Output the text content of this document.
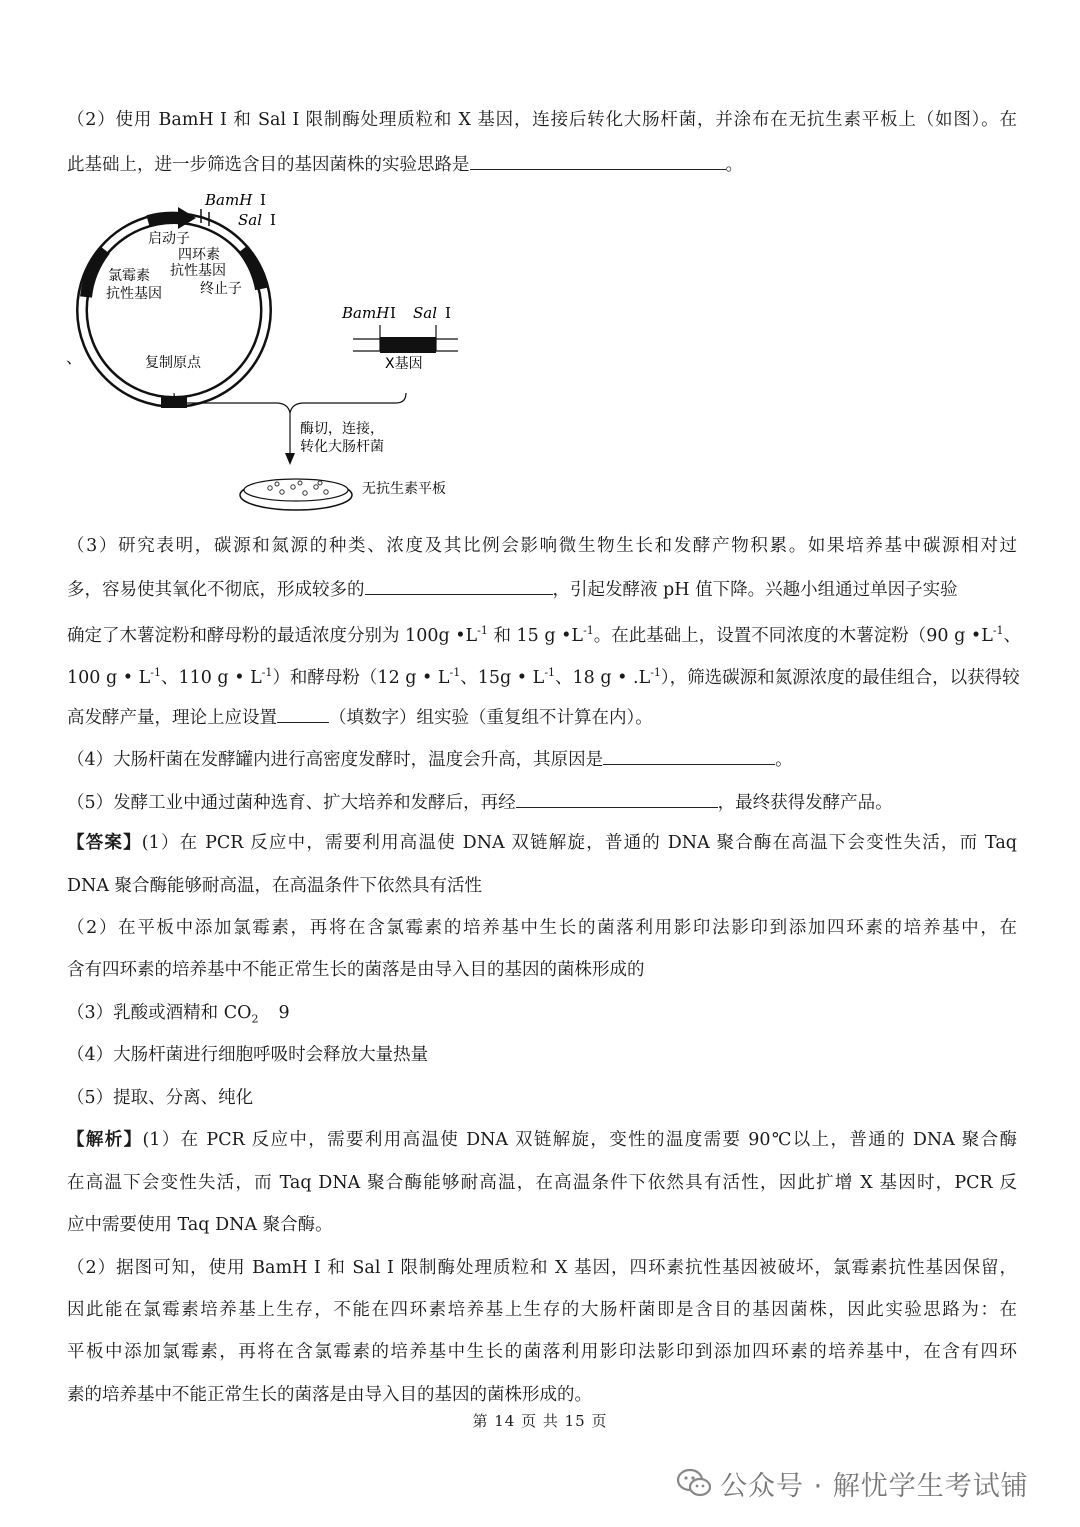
（2）使用 BamH I 和 Sal I 限制酶处理质粒和 X 基因，连接后转化大肠杆菌，并涂布在无抗生素平板上（如图）。在
此基础上，进一步筛选含目的基因菌株的实验思路是	。
BamH Ⅰ
Sal Ⅰ
启动子
四环素
抗性基因
终止子
氯霉素
抗性基因
复制原点
、
BamH Ⅰ Sal Ⅰ
X基因
酶切，连接，
转化大肠杆菌
无抗生素平板
（3）研究表明，碳源和氮源的种类、浓度及其比例会影响微生物生长和发酵产物积累。如果培养基中碳源相对过
多，容易使其氧化不彻底，形成较多的	，引起发酵液 pH 值下降。兴趣小组通过单因子实验
确定了木薯淀粉和酵母粉的最适浓度分别为 100g $•L^{-1}$ 和 15 g $•L^{-1}$。在此基础上，设置不同浓度的木薯淀粉（90 g $•L^{-1}$、
100 g • $L^{-1}$、110 g • $L^{-1}$）和酵母粉（12 g • $L^{-1}$、15g • $L^{-1}$、18 g • $.L^{-1}$），筛选碳源和氮源浓度的最佳组合，以获得较
高发酵产量，理论上应设置	（填数字）组实验（重复组不计算在内）。
（4）大肠杆菌在发酵罐内进行高密度发酵时，温度会升高，其原因是	。
（5）发酵工业中通过菌种选育、扩大培养和发酵后，再经	，最终获得发酵产品。
【答案】(1）在 PCR 反应中，需要利用高温使 DNA 双链解旋，普通的 DNA 聚合酶在高温下会变性失活，而 Taq
DNA 聚合酶能够耐高温，在高温条件下依然具有活性
（2）在平板中添加氯霉素，再将在含氯霉素的培养基中生长的菌落利用影印法影印到添加四环素的培养基中，在
含有四环素的培养基中不能正常生长的菌落是由导入目的基因的菌株形成的
（3）乳酸或酒精和 $CO_2$ 9
（4）大肠杆菌进行细胞呼吸时会释放大量热量
（5）提取、分离、纯化
【解析】(1）在 PCR 反应中，需要利用高温使 DNA 双链解旋，变性的温度需要 90℃以上，普通的 DNA 聚合酶
在高温下会变性失活，而 Taq DNA 聚合酶能够耐高温，在高温条件下依然具有活性，因此扩增 X 基因时，PCR 反
应中需要使用 Taq DNA 聚合酶。
（2）据图可知，使用 BamH I 和 Sal I 限制酶处理质粒和 X 基因，四环素抗性基因被破坏，氯霉素抗性基因保留，
因此能在氯霉素培养基上生存，不能在四环素培养基上生存的大肠杆菌即是含目的基因菌株，因此实验思路为：在
平板中添加氯霉素，再将在含氯霉素的培养基中生长的菌落利用影印法影印到添加四环素的培养基中，在含有四环
素的培养基中不能正常生长的菌落是由导入目的基因的菌株形成的。
第 14 页 共 15 页
公众号 · 解忧学生考试铺
